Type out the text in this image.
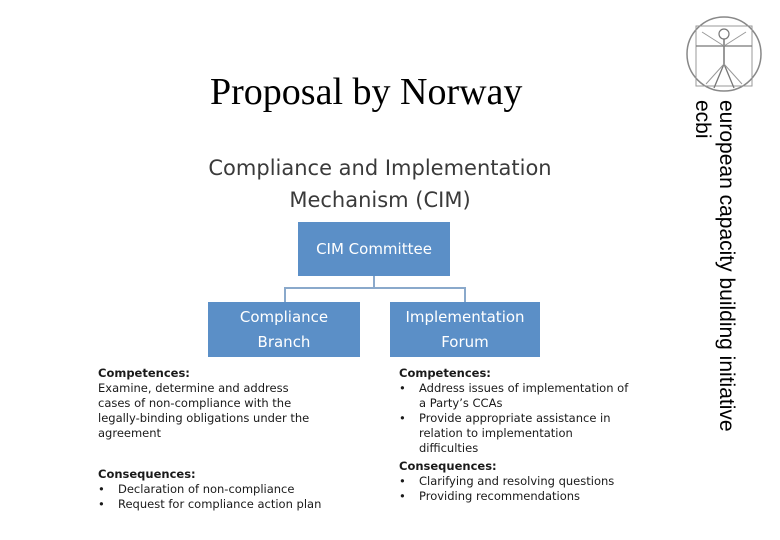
Proposal by Norway
european capacity building initiative
ecbi
Compliance and Implementation
Mechanism (CIM)
CIM Committee
Compliance
Branch
Implementation
Forum
Competences:
Examine, determine and address
cases of non-compliance with the
legally-binding obligations under the
agreement
Consequences:
•	Declaration of non-compliance
•	Request for compliance action plan
Competences:
•	Address issues of implementation of
a Party’s CCAs
•	Provide appropriate assistance in
relation to implementation
difficulties
Consequences:
•	Clarifying and resolving questions
•	Providing recommendations
